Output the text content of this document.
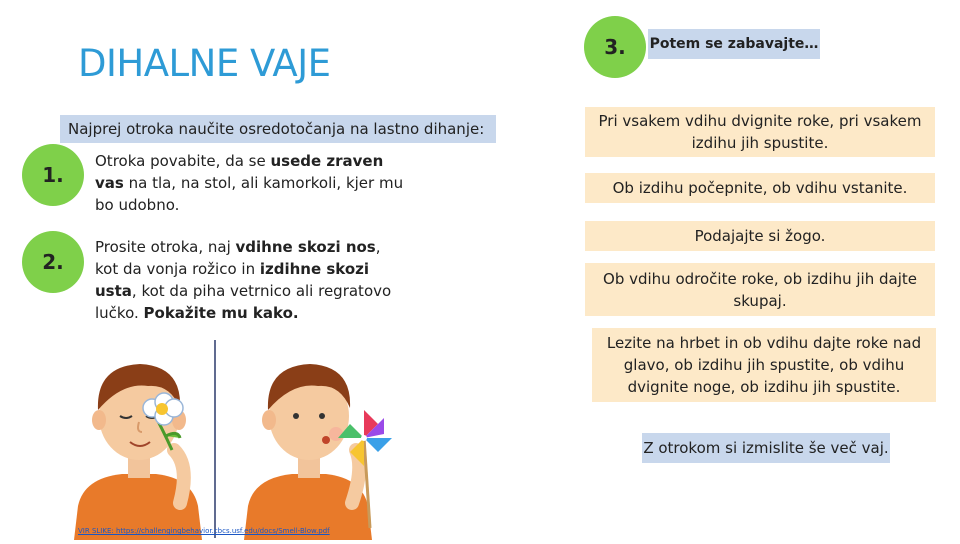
DIHALNE VAJE
Najprej otroka naučite osredotočanja na lastno dihanje:
1.
Otroka povabite, da se usede zraven vas na tla, na stol, ali kamorkoli, kjer mu bo udobno.
2.
Prosite otroka, naj vdihne skozi nos, kot da vonja rožico in izdihne skozi usta, kot da piha vetrnico ali regratovo lučko. Pokažite mu kako.
VIR SLIKE: https://challengingbehavior.cbcs.usf.edu/docs/Smell-Blow.pdf
3.	Potem se zabavajte…
Pri vsakem vdihu dvignite roke, pri vsakem izdihu jih spustite.
Ob izdihu počepnite, ob vdihu vstanite.
Podajajte si žogo.
Ob vdihu odročite roke, ob izdihu jih dajte skupaj.
Lezite na hrbet in ob vdihu dajte roke nad glavo, ob izdihu jih spustite, ob vdihu dvignite noge, ob izdihu jih spustite.
Z otrokom si izmislite še več vaj.
